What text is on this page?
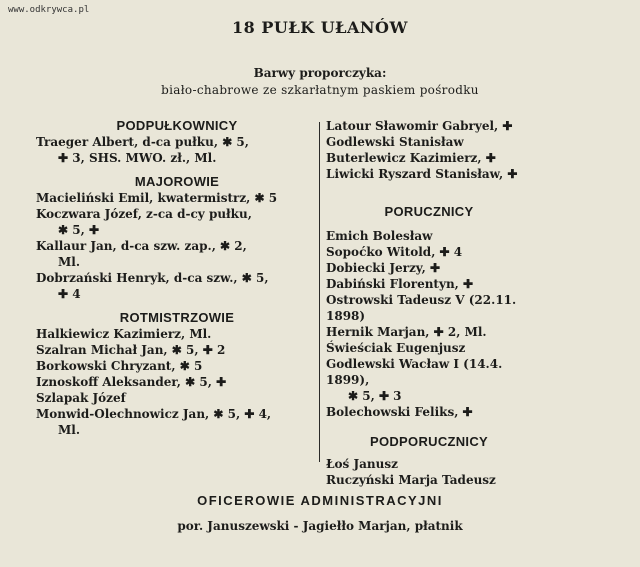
www.odkrywca.pl
18 PUŁK UŁANÓW
Barwy proporczyka:
biało-chabrowe ze szkarłatnym paskiem pośrodku
PODPUŁKOWNICY
Traeger Albert, d-ca pułku, ✱ 5,
✚ 3, SHS. MWO. zł., Ml.
MAJOROWIE
Macieliński Emil, kwatermistrz, ✱ 5
Koczwara Józef, z-ca d-cy pułku,
✱ 5, ✚
Kallaur Jan, d-ca szw. zap., ✱ 2,
Ml.
Dobrzański Henryk, d-ca szw., ✱ 5,
✚ 4
ROTMISTRZOWIE
Halkiewicz Kazimierz, Ml.
Szalran Michał Jan, ✱ 5, ✚ 2
Borkowski Chryzant, ✱ 5
Iznoskoff Aleksander, ✱ 5, ✚
Szlapak Józef
Monwid-Olechnowicz Jan, ✱ 5, ✚ 4,
Ml.
Latour Sławomir Gabryel, ✚
Godlewski Stanisław
Buterlewicz Kazimierz, ✚
Liwicki Ryszard Stanisław, ✚
PORUCZNICY
Emich Bolesław
Sopoćko Witold, ✚ 4
Dobiecki Jerzy, ✚
Dabiński Florentyn, ✚
Ostrowski Tadeusz V (22.11. 1898)
Hernik Marjan, ✚ 2, Ml.
Świeściak Eugenjusz
Godlewski Wacław I (14.4. 1899),
✱ 5, ✚ 3
Bolechowski Feliks, ✚
PODPORUCZNICY
Łoś Janusz
Ruczyński Marja Tadeusz
OFICEROWIE ADMINISTRACYJNI
por. Januszewski - Jagiełło Marjan, płatnik
